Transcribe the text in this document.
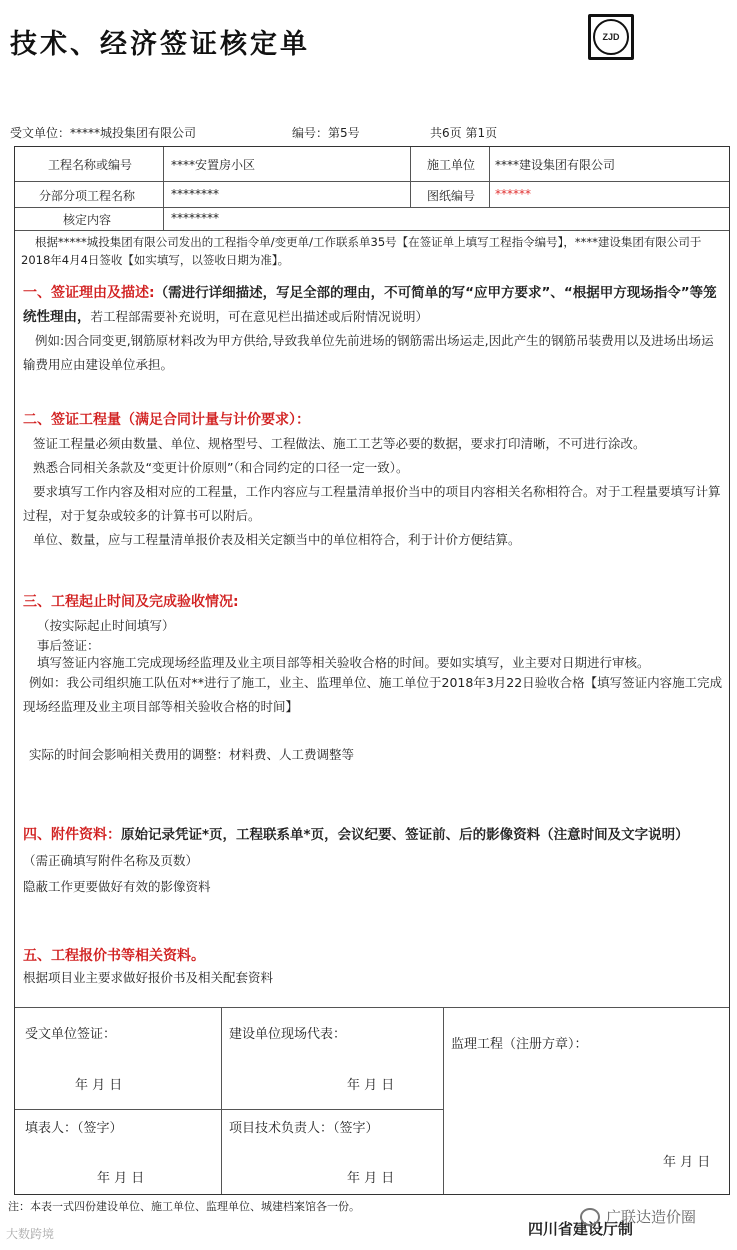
技术、经济签证核定单	ZJD
受文单位：*****城投集团有限公司	编号：第5号	共6页 第1页
工程名称或编号	****安置房小区	施工单位 ****建设集团有限公司
分部分项工程名称	********	图纸编号 ******
核定内容	********

根据*****城投集团有限公司发出的工程指令单/变更单/工作联系单35号【在签证单上填写工程指令编号】，****建设集团有限公司于2018年4月4日签收【如实填写，以签收日期为准】。

一、签证理由及描述:（需进行详细描述，写足全部的理由，不可简单的写“应甲方要求”、“根据甲方现场指令”等笼统性理由，若工程部需要补充说明，可在意见栏出描述或后附情况说明）

例如:因合同变更,钢筋原材料改为甲方供给,导致我单位先前进场的钢筋需出场运走,因此产生的钢筋吊装费用以及进场出场运输费用应由建设单位承担。

二、签证工程量（满足合同计量与计价要求）：

签证工程量必须由数量、单位、规格型号、工程做法、施工工艺等必要的数据，要求打印清晰，不可进行涂改。

熟悉合同相关条款及“变更计价原则”（和合同约定的口径一定一致）。

要求填写工作内容及相对应的工程量，工作内容应与工程量清单报价当中的项目内容相关名称相符合。对于工程量要填写计算过程，对于复杂或较多的计算书可以附后。

单位、数量，应与工程量清单报价表及相关定额当中的单位相符合，利于计价方便结算。

三、工程起止时间及完成验收情况:

（按实际起止时间填写）

事后签证：

填写签证内容施工完成现场经监理及业主项目部等相关验收合格的时间。要如实填写，业主要对日期进行审核。

例如：我公司组织施工队伍对**进行了施工，业主、监理单位、施工单位于2018年3月22日验收合格【填写签证内容施工完成现场经监理及业主项目部等相关验收合格的时间】

实际的时间会影响相关费用的调整：材料费、人工费调整等

四、附件资料：原始记录凭证*页，工程联系单*页，会议纪要、签证前、后的影像资料（注意时间及文字说明）

（需正确填写附件名称及页数）

隐蔽工作更要做好有效的影像资料

五、工程报价书等相关资料。

根据项目业主要求做好报价书及相关配套资料

受文单位签证：
年 月 日
建设单位现场代表：
年 月 日
监理工程（注册方章）：
年 月 日
填表人：（签字）
年 月 日
项目技术负责人：（签字）
年 月 日
注：本表一式四份建设单位、施工单位、监理单位、城建档案馆各一份。
四川省建设厅制
大数跨境
广联达造价圈
